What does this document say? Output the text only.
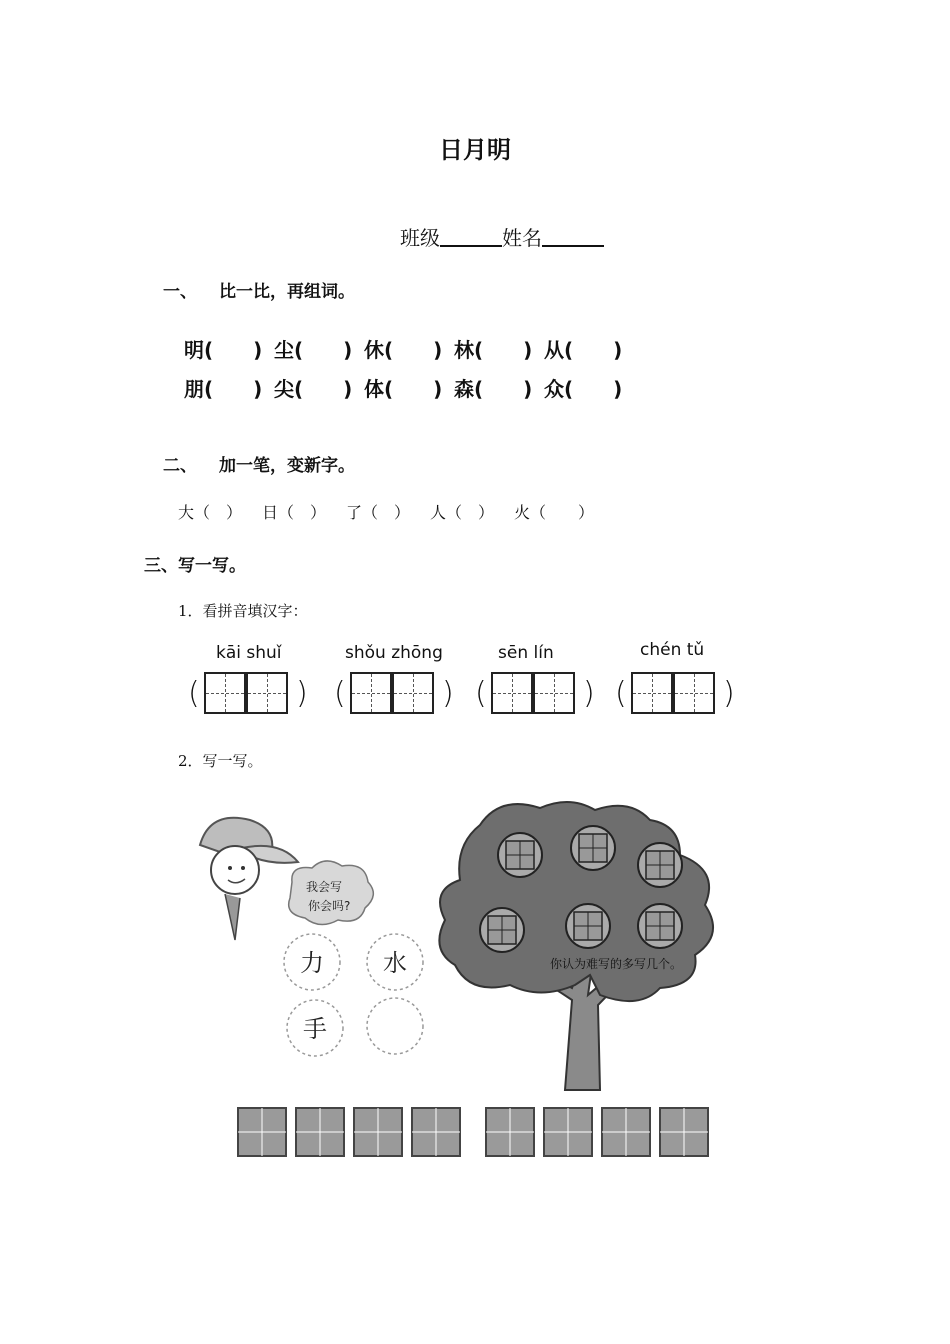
日月明
班级	姓名
一、 比一比，再组词。
明(　　) 尘(　　) 休(　　) 林(　　) 从(　　)
朋(　　) 尖(　　) 体(　　) 森(　　) 众(　　)
二、 加一笔，变新字。
大（　） 日（　） 了（　） 人（　） 火（　　）
三、写一写。
1．看拼音填汉字：
kāi shuǐ	shǒu zhōng	sēn lín	chén tǔ
(	) (	) (	) (	)
2．写一写。
我会写
你会吗?
力 水
手
你认为难写的多写几个。
